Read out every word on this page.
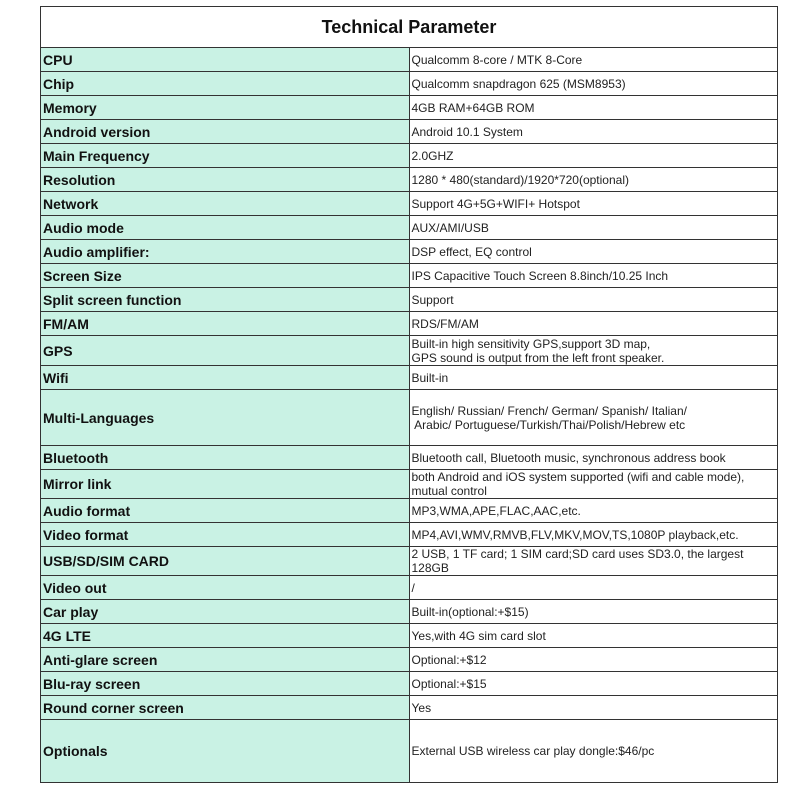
Technical Parameter	
CPU	Qualcomm 8-core / MTK 8-Core
Chip	Qualcomm snapdragon 625 (MSM8953)
Memory	4GB RAM+64GB ROM
Android version	Android 10.1 System
Main Frequency	2.0GHZ
Resolution	1280 * 480(standard)/1920*720(optional)
Network	Support 4G+5G+WIFI+ Hotspot
Audio mode	AUX/AMI/USB
Audio amplifier:	DSP effect, EQ control
Screen Size	IPS Capacitive Touch Screen 8.8inch/10.25 Inch
Split screen function	Support
FM/AM	RDS/FM/AM
GPS	Built-in high sensitivity GPS,support 3D map,
GPS sound is output from the left front speaker.

Wifi	Built-in
Multi-Languages	English/ Russian/ French/ German/ Spanish/ Italian/
Arabic/ Portuguese/Turkish/Thai/Polish/Hebrew etc

Bluetooth	Bluetooth call, Bluetooth music, synchronous address book
Mirror link	both Android and iOS system supported (wifi and cable mode), mutual control
Audio format	MP3,WMA,APE,FLAC,AAC,etc.
Video format	MP4,AVI,WMV,RMVB,FLV,MKV,MOV,TS,1080P playback,etc.
USB/SD/SIM CARD	2 USB, 1 TF card; 1 SIM card;SD card uses SD3.0, the largest 128GB
Video out	/
Car play	Built-in(optional:+$15)
4G LTE	Yes,with 4G sim card slot
Anti-glare screen	Optional:+$12
Blu-ray screen	Optional:+$15
Round corner screen	Yes
Optionals	External USB wireless car play dongle:$46/pc
